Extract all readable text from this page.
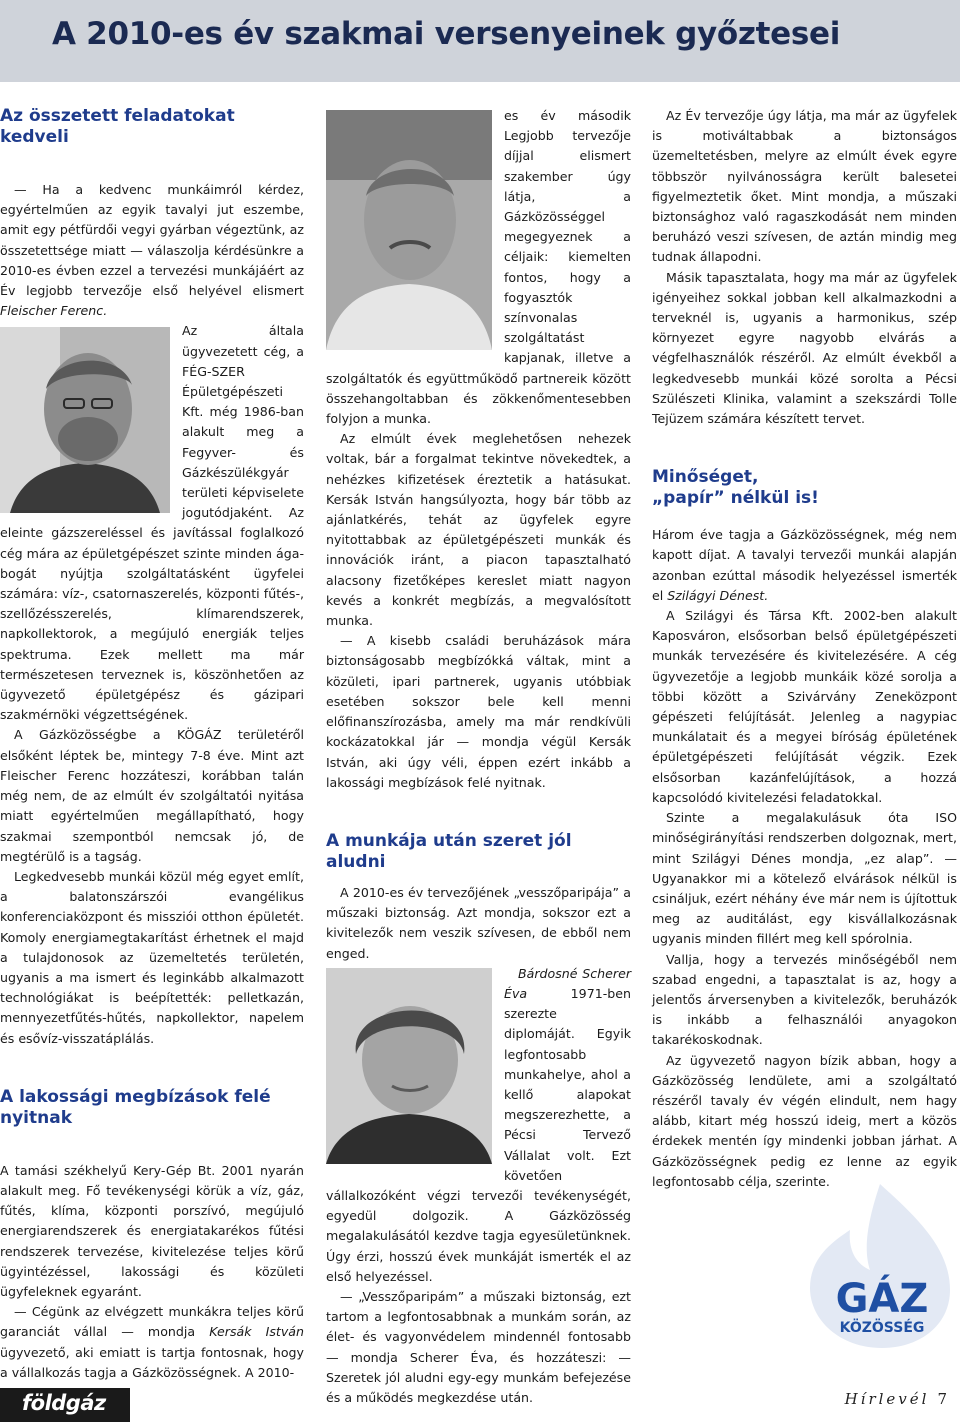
A 2010-es év szakmai versenyeinek győztesei
Az összetett feladatokat kedveli

— Ha a kedvenc munkáimról kérdez, egyértelműen az egyik tavalyi jut eszembe, amit egy pétfürdői vegyi gyárban végeztünk, az összetettsége miatt — válaszolja kérdésünkre a 2010-es évben ezzel a tervezési munkájáért az Év legjobb tervezője első helyével elismert Fleischer Ferenc.

Az általa ügyvezetett cég, a FÉG-SZER Épületgépészeti Kft. még 1986-ban alakult meg a Fegyver- és Gázkészülékgyár területi képviselete jogutódjaként. Az eleinte gázszereléssel és javítással foglalkozó cég mára az épületgépészet szinte minden ága-bogát nyújtja szolgáltatásként ügyfelei számára: víz-, csatornaszerelés, központi fűtés-, szellőzésszerelés, klímarendszerek, napkollektorok, a megújuló energiák teljes spektruma. Ezek mellett ma már természetesen terveznek is, köszönhetően az ügyvezető épületgépész és gázipari szakmérnöki végzettségének.

A Gázközösségbe a KÖGÁZ területéről elsőként léptek be, mintegy 7-8 éve. Mint azt Fleischer Ferenc hozzáteszi, korábban talán még nem, de az elmúlt év szolgáltatói nyitása miatt egyértelműen megállapítható, hogy szakmai szempontból nemcsak jó, de megtérülő is a tagság.

Legkedvesebb munkái közül még egyet említ, a balatonszárszói evangélikus konferenciaközpont és missziói otthon épületét. Komoly energiamegtakarítást érhetnek el majd a tulajdonosok az üzemeltetés területén, ugyanis a ma ismert és leginkább alkalmazott technológiákat is beépítették: pelletkazán, mennyezetfűtés-hűtés, napkollektor, napelem és esővíz-visszatáplálás.

A lakossági megbízások felé nyitnak

A tamási székhelyű Kery-Gép Bt. 2001 nyarán alakult meg. Fő tevékenységi körük a víz, gáz, fűtés, klíma, központi porszívó, megújuló energiarendszerek és energiatakarékos fűtési rendszerek tervezése, kivitelezése teljes körű ügyintézéssel, lakossági és közületi ügyfeleknek egyaránt.

— Cégünk az elvégzett munkákra teljes körű garanciát vállal — mondja Kersák István ügyvezető, aki emiatt is tartja fontosnak, hogy a vállalkozás tagja a Gázközösségnek. A 2010-

es év második Legjobb tervezője díjjal elismert szakember úgy látja, a Gázközösséggel megegyeznek a céljaik: kiemelten fontos, hogy a fogyasztók színvonalas szolgáltatást kapjanak, illetve a szolgáltatók és együttműködő partnereik között összehangoltabban és zökkenőmentesebben folyjon a munka.

Az elmúlt évek meglehetősen nehezek voltak, bár a forgalmat tekintve növekedtek, a nehézkes kifizetések éreztetik a hatásukat. Kersák István hangsúlyozta, hogy bár több az ajánlatkérés, tehát az ügyfelek egyre nyitottabbak az épületgépészeti munkák és innovációk iránt, a piacon tapasztalható alacsony fizetőképes kereslet miatt nagyon kevés a konkrét megbízás, a megvalósított munka.

— A kisebb családi beruházások mára biztonságosabb megbízókká váltak, mint a közületi, ipari partnerek, ugyanis utóbbiak esetében sokszor bele kell menni előfinanszírozásba, amely ma már rendkívüli kockázatokkal jár — mondja végül Kersák István, aki úgy véli, éppen ezért inkább a lakossági megbízások felé nyitnak.

A munkája után szeret jól aludni

A 2010-es év tervezőjének „vesszőparipája” a műszaki biztonság. Azt mondja, sokszor ezt a kivitelezők nem veszik szívesen, de ebből nem enged.

Bárdosné Scherer Éva	1971-ben szerezte diplomáját. Egyik legfontosabb munkahelye, ahol a kellő alapokat megszerezhette, a Pécsi Tervező Vállalat volt. Ezt követően vállalkozóként végzi tervezői tevékenységét, egyedül dolgozik. A Gázközösség megalakulásától kezdve tagja egyesületünknek. Úgy érzi, hosszú évek munkáját ismerték el az első helyezéssel.

— „Vesszőparipám” a műszaki biztonság, ezt tartom a legfontosabbnak a munkám során, az élet- és vagyonvédelem mindennél fontosabb — mondja Scherer Éva, és hozzáteszi: — Szeretek jól aludni egy-egy munkám befejezése és a működés megkezdése után.

Az Év tervezője úgy látja, ma már az ügyfelek is motiváltabbak a biztonságos üzemeltetésben, melyre az elmúlt évek egyre többször nyilvánosságra került balesetei figyelmeztetik őket. Mint mondja, a műszaki biztonsághoz való ragaszkodását nem minden beruházó veszi szívesen, de aztán mindig meg tudnak állapodni.

Másik tapasztalata, hogy ma már az ügyfelek igényeihez sokkal jobban kell alkalmazkodni a terveknél is, ugyanis a harmonikus, szép környezet egyre nagyobb elvárás a végfelhasználók részéről. Az elmúlt évekből a legkedvesebb munkái közé sorolta a Pécsi Szülészeti Klinika, valamint a szekszárdi Tolle Tejüzem számára készített tervet.

Minőséget,
„papír” nélkül is!

Három éve tagja a Gázközösségnek, még nem kapott díjat. A tavalyi tervezői munkái alapján azonban ezúttal második helyezéssel ismerték el Szilágyi Dénest.

A Szilágyi és Társa Kft. 2002-ben alakult Kaposváron, elsősorban belső épületgépészeti munkák tervezésére és kivitelezésére. A cég ügyvezetője a legjobb munkáik közé sorolja a többi között a Szivárvány Zeneközpont gépészeti felújítását. Jelenleg a nagypiac munkálatait és a megyei bíróság épületének épületgépészeti felújítását végzik. Ezek elsősorban kazánfelújítások, a hozzá kapcsolódó kivitelezési feladatokkal.

Szinte a megalakulásuk óta ISO minőségirányítási rendszerben dolgoznak, mert, mint Szilágyi Dénes mondja, „ez alap”. — Ugyanakkor mi a kötelező elvárások nélkül is csináljuk, ezért néhány éve már nem is újítottuk meg az auditálást, egy kisvállalkozásnak ugyanis minden fillért meg kell spórolnia.

Vallja, hogy a tervezés minőségéből nem szabad engedni, a tapasztalat is az, hogy a jelentős árversenyben a kivitelezők, beruházók is inkább a felhasználói anyagokon takarékoskodnak.

Az ügyvezető nagyon bízik abban, hogy a Gázközösség lendülete, ami a szolgáltató részéről tavaly év végén elindult, nem hagy alább, kitart még hosszú ideig, mert a közös érdekek mentén így mindenki jobban járhat. A Gázközösségnek pedig ez lenne az egyik legfontosabb célja, szerinte.

GÁZ
KÖZÖSSÉG
földgáz	Hírlevél 7
